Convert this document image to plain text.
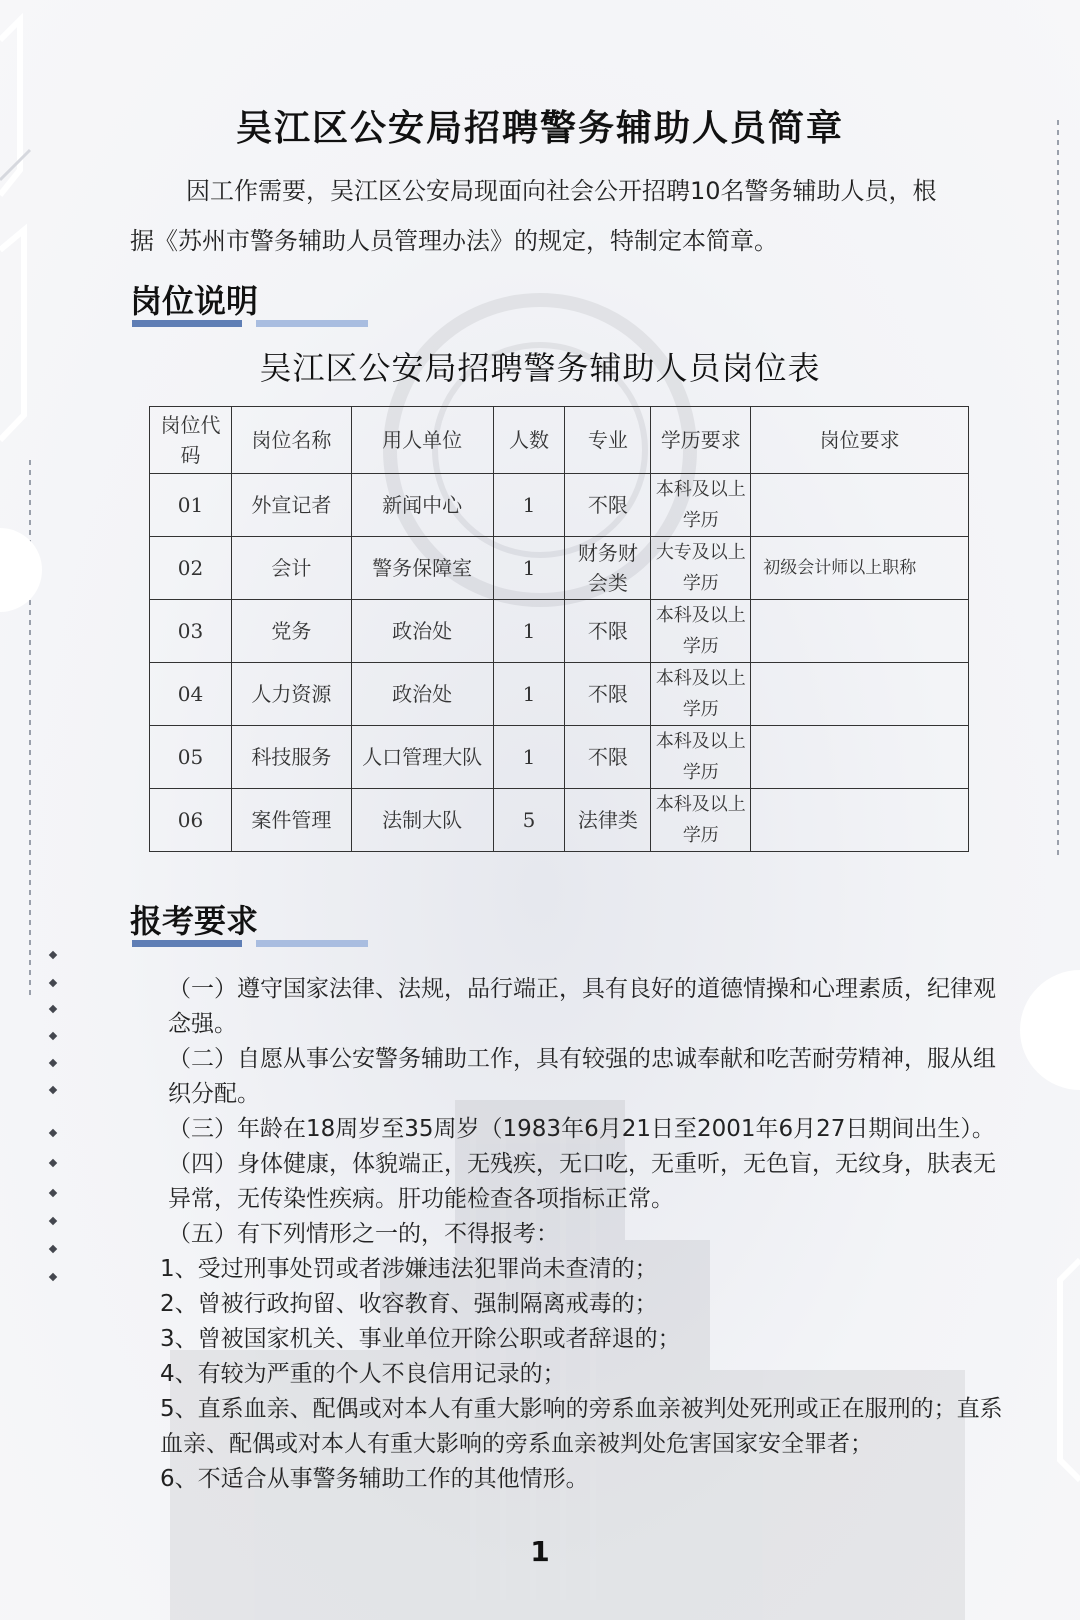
吴江区公安局招聘警务辅助人员简章
因工作需要，吴江区公安局现面向社会公开招聘10名警务辅助人员，根据《苏州市警务辅助人员管理办法》的规定，特制定本简章。
岗位说明
吴江区公安局招聘警务辅助人员岗位表
岗位代码	岗位名称	用人单位	人数	专业	学历要求	岗位要求
01	外宣记者	新闻中心	1	不限	本科及以上学历	
02	会计	警务保障室	1	财务财会类	大专及以上学历	初级会计师以上职称
03	党务	政治处	1	不限	本科及以上学历	
04	人力资源	政治处	1	不限	本科及以上学历	
05	科技服务	人口管理大队	1	不限	本科及以上学历	
06	案件管理	法制大队	5	法律类	本科及以上学历	
报考要求

（一）遵守国家法律、法规，品行端正，具有良好的道德情操和心理素质，纪律观念强。

（二）自愿从事公安警务辅助工作，具有较强的忠诚奉献和吃苦耐劳精神，服从组织分配。

（三）年龄在18周岁至35周岁（1983年6月21日至2001年6月27日期间出生）。

（四）身体健康，体貌端正，无残疾，无口吃，无重听，无色盲，无纹身，肤表无异常，无传染性疾病。肝功能检查各项指标正常。

（五）有下列情形之一的，不得报考：

1、受过刑事处罚或者涉嫌违法犯罪尚未查清的；

2、曾被行政拘留、收容教育、强制隔离戒毒的；

3、曾被国家机关、事业单位开除公职或者辞退的；

4、有较为严重的个人不良信用记录的；

5、直系血亲、配偶或对本人有重大影响的旁系血亲被判处死刑或正在服刑的；直系血亲、配偶或对本人有重大影响的旁系血亲被判处危害国家安全罪者；

6、不适合从事警务辅助工作的其他情形。

1
